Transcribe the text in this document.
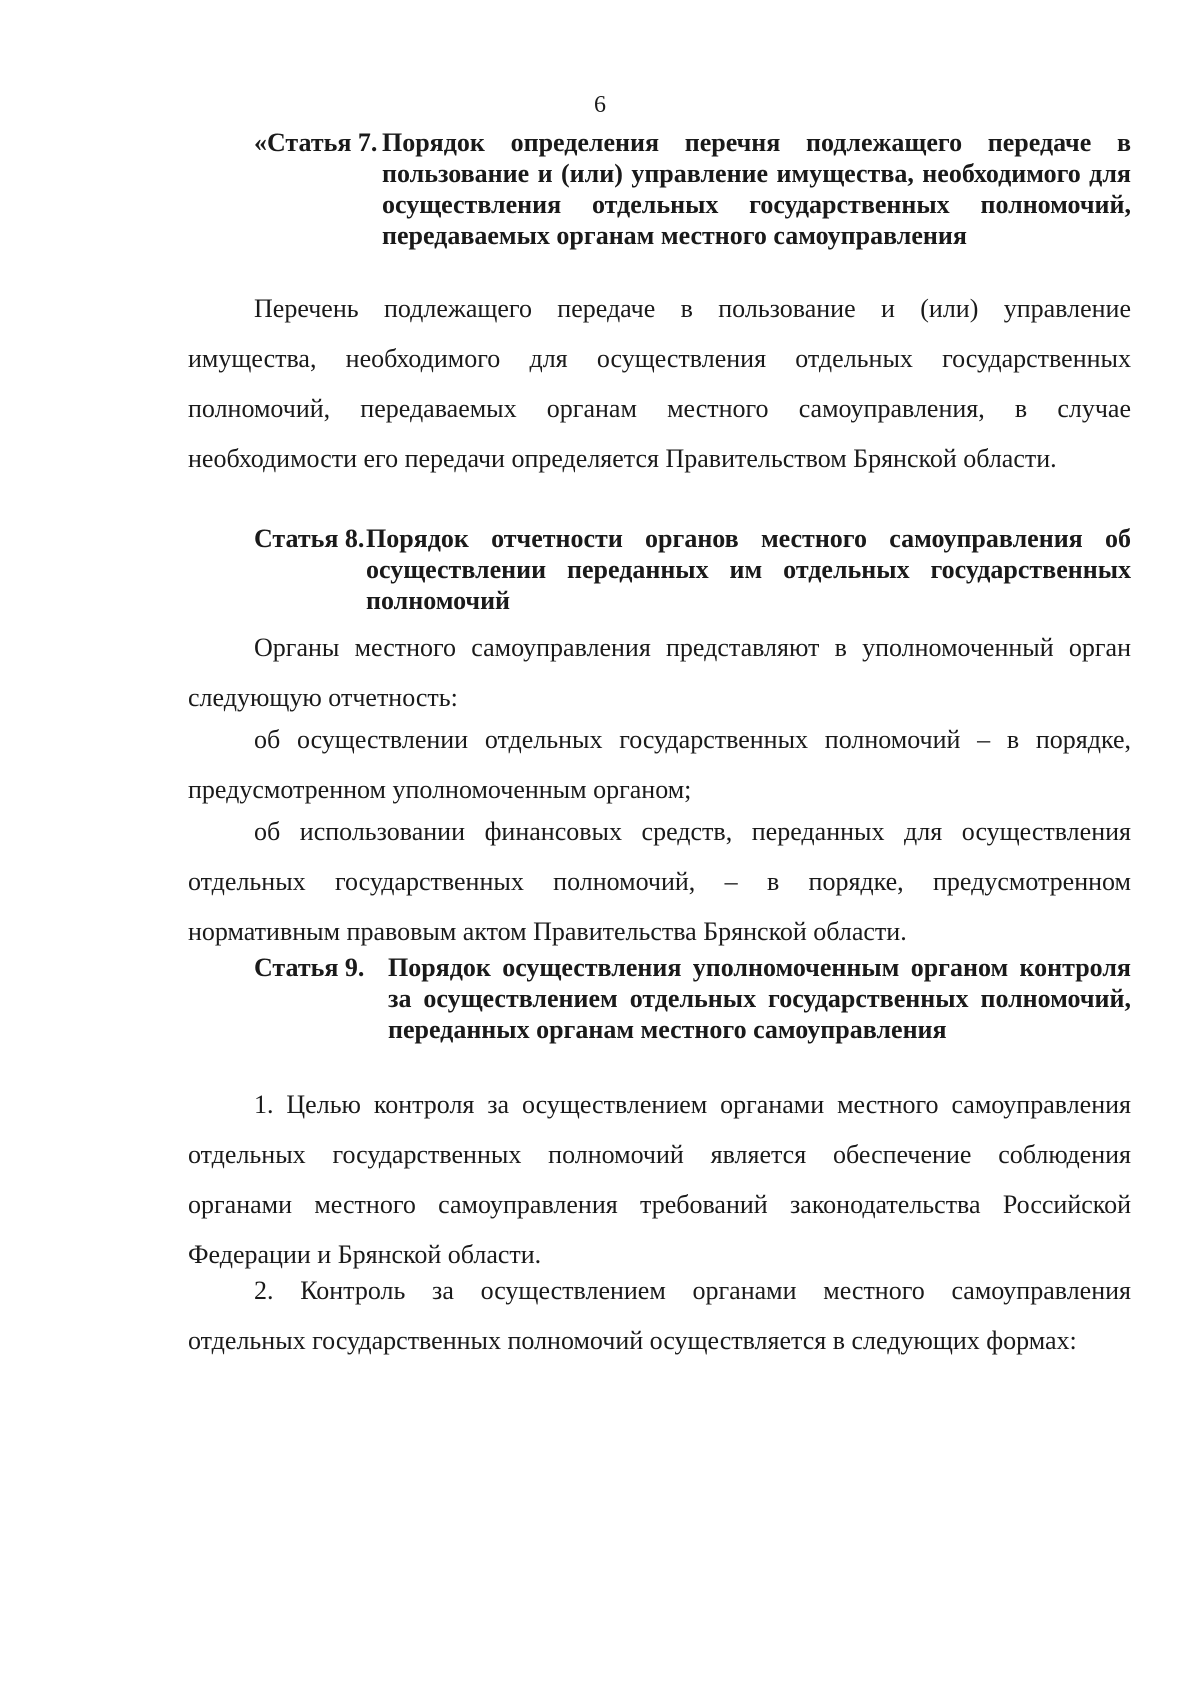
6
«Статья 7. Порядок определения перечня подлежащего передаче в пользование и (или) управление имущества, необходимого для осуществления отдельных государственных полномочий, передаваемых органам местного самоуправления

Перечень подлежащего передаче в пользование и (или) управление имущества, необходимого для осуществления отдельных государственных полномочий, передаваемых органам местного самоуправления, в случае необходимости его передачи определяется Правительством Брянской области.

Статья 8. Порядок отчетности органов местного самоуправления об осуществлении переданных им отдельных государственных полномочий

Органы местного самоуправления представляют в уполномоченный орган следующую отчетность:

об осуществлении отдельных государственных полномочий – в порядке, предусмотренном уполномоченным органом;

об использовании финансовых средств, переданных для осуществления отдельных государственных полномочий, – в порядке, предусмотренном нормативным правовым актом Правительства Брянской области.

Статья 9. Порядок осуществления уполномоченным органом контроля за осуществлением отдельных государственных полномочий, переданных органам местного самоуправления

1. Целью контроля за осуществлением органами местного самоуправления отдельных государственных полномочий является обеспечение соблюдения органами местного самоуправления требований законодательства Российской Федерации и Брянской области.

2. Контроль за осуществлением органами местного самоуправления отдельных государственных полномочий осуществляется в следующих формах:
